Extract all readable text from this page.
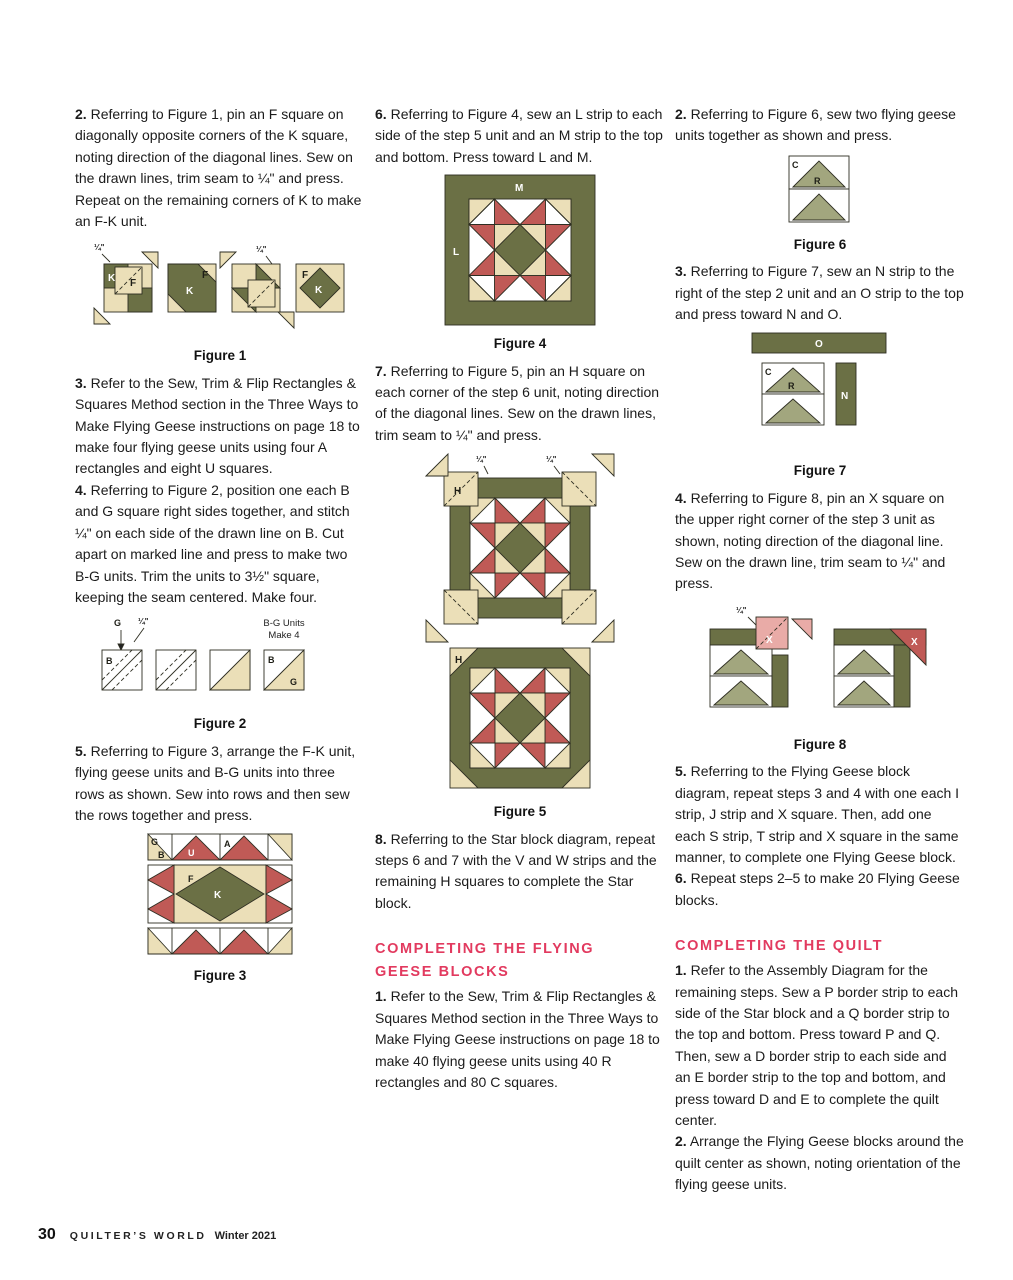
2. Referring to Figure 1, pin an F square on diagonally opposite corners of the K square, noting direction of the diagonal lines. Sew on the drawn lines, trim seam to ¼" and press. Repeat on the remaining corners of K to make an F-K unit.

K F
¼"
F
K
¼"
F
K
Figure 1

3. Refer to the Sew, Trim & Flip Rectangles & Squares Method section in the Three Ways to Make Flying Geese instructions on page 18 to make four flying geese units using four A rectangles and eight U squares.

4. Referring to Figure 2, position one each B and G square right sides together, and stitch ¼" on each side of the drawn line on B. Cut apart on marked line and press to make two B-G units. Trim the units to 3½" square, keeping the seam centered. Make four.

B-G Units
Make 4
G ¼"
B	B
G
Figure 2

5. Referring to Figure 3, arrange the F-K unit, flying geese units and B-G units into three rows as shown. Sew into rows and then sew the rows together and press.

G
B	U
A
F
K
Figure 3

6. Referring to Figure 4, sew an L strip to each side of the step 5 unit and an M strip to the top and bottom. Press toward L and M.

M
L
Figure 4

7. Referring to Figure 5, pin an H square on each corner of the step 6 unit, noting direction of the diagonal lines. Sew on the drawn lines, trim seam to ¼" and press.

H
¼"	¼"
H
Figure 5

8. Referring to the Star block diagram, repeat steps 6 and 7 with the V and W strips and the remaining H squares to complete the Star block.

COMPLETING THE FLYING GEESE BLOCKS

1. Refer to the Sew, Trim & Flip Rectangles & Squares Method section in the Three Ways to Make Flying Geese instructions on page 18 to make 40 flying geese units using 40 R rectangles and 80 C squares.

2. Referring to Figure 6, sew two flying geese units together as shown and press.

C
R
Figure 6

3. Referring to Figure 7, sew an N strip to the right of the step 2 unit and an O strip to the top and press toward N and O.

O
C
R
N
Figure 7

4. Referring to Figure 8, pin an X square on the upper right corner of the step 3 unit as shown, noting direction of the diagonal line. Sew on the drawn line, trim seam to ¼" and press.

X
¼"
X
Figure 8

5. Referring to the Flying Geese block diagram, repeat steps 3 and 4 with one each I strip, J strip and X square. Then, add one each S strip, T strip and X square in the same manner, to complete one Flying Geese block.

6. Repeat steps 2–5 to make 20 Flying Geese blocks.

COMPLETING THE QUILT

1. Refer to the Assembly Diagram for the remaining steps. Sew a P border strip to each side of the Star block and a Q border strip to the top and bottom. Press toward P and Q. Then, sew a D border strip to each side and an E border strip to the top and bottom, and press toward D and E to complete the quilt center.

2. Arrange the Flying Geese blocks around the quilt center as shown, noting orientation of the flying geese units.

30 QUILTER’S WORLD Winter 2021
